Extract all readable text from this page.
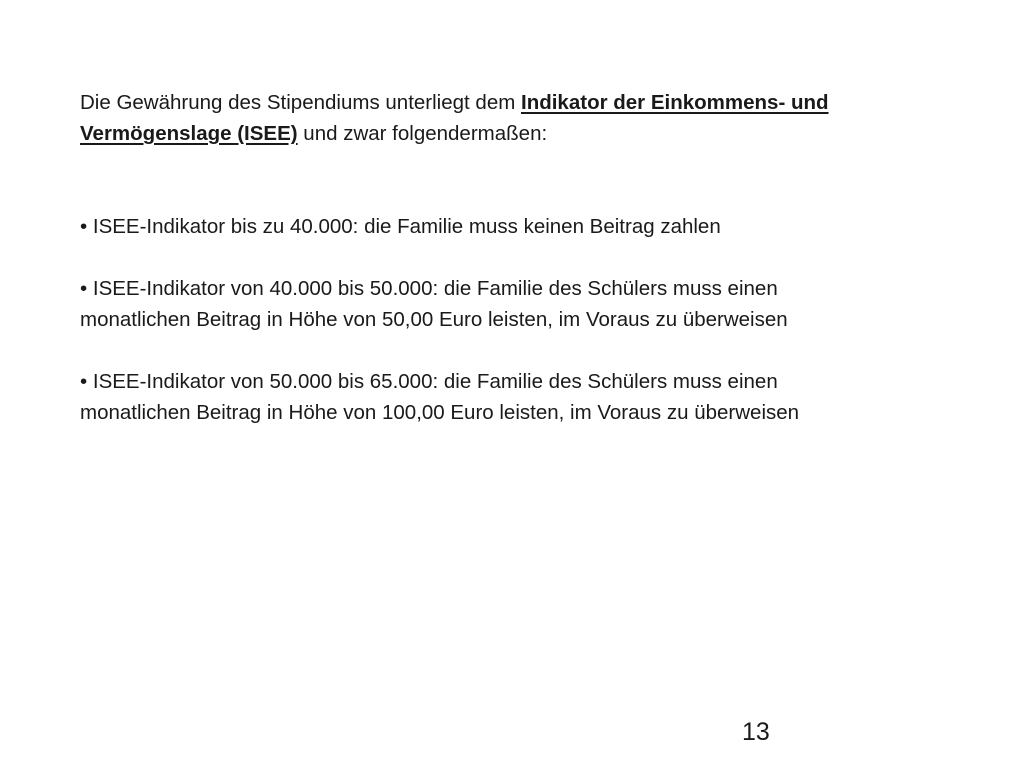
Die Gewährung des Stipendiums unterliegt dem Indikator der Einkommens- und
Vermögenslage (ISEE) und zwar folgendermaßen:

• ISEE-Indikator bis zu 40.000: die Familie muss keinen Beitrag zahlen

• ISEE-Indikator von 40.000 bis 50.000: die Familie des Schülers muss einen
monatlichen Beitrag in Höhe von 50,00 Euro leisten, im Voraus zu überweisen

• ISEE-Indikator von 50.000 bis 65.000: die Familie des Schülers muss einen
monatlichen Beitrag in Höhe von 100,00 Euro leisten, im Voraus zu überweisen

13
